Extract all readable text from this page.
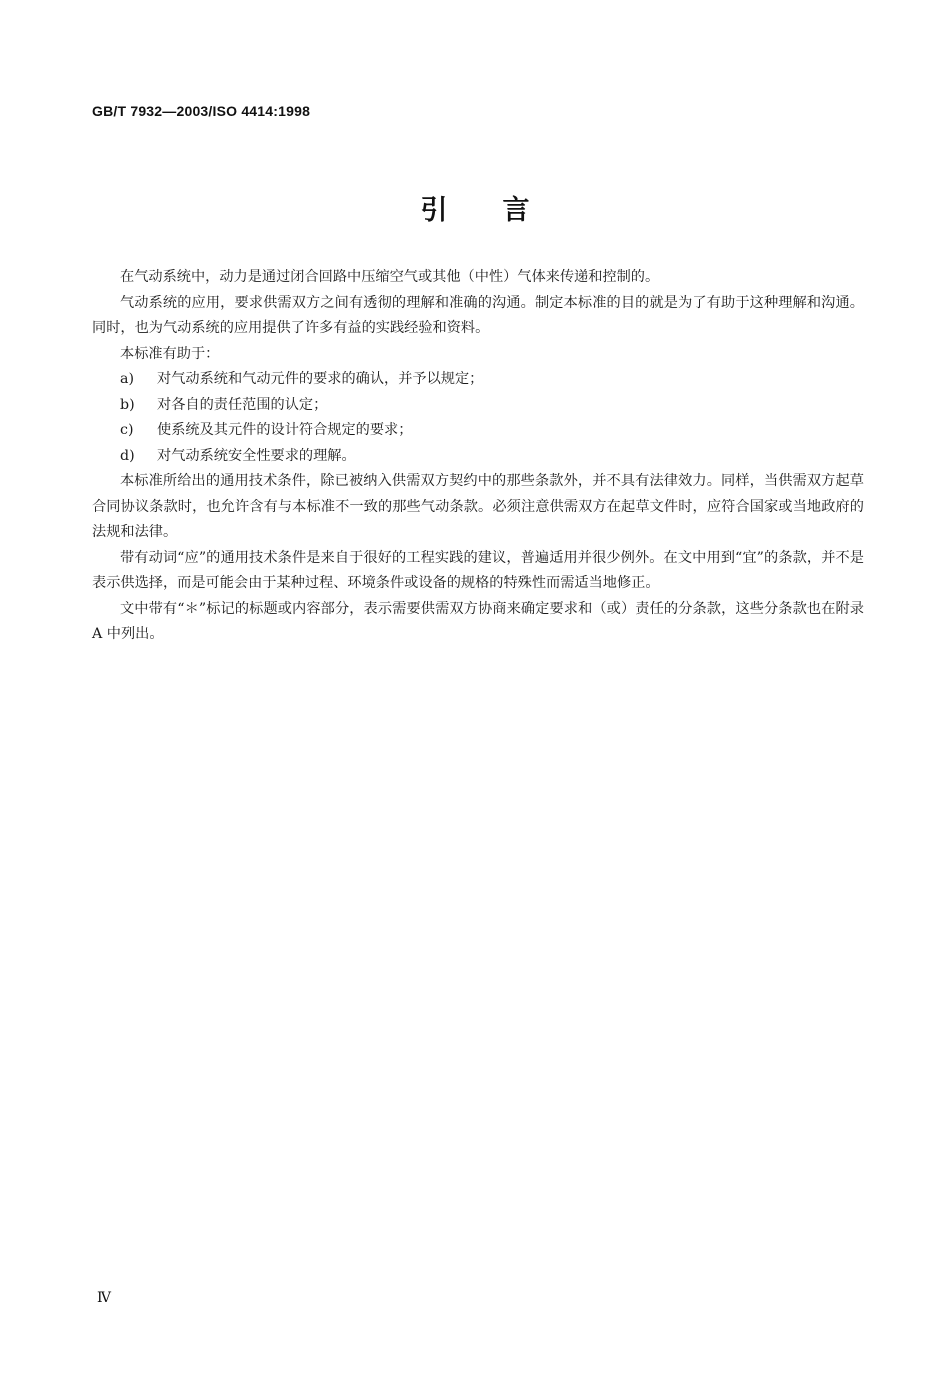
GB/T 7932—2003/ISO 4414:1998
引言

在气动系统中，动力是通过闭合回路中压缩空气或其他（中性）气体来传递和控制的。

气动系统的应用，要求供需双方之间有透彻的理解和准确的沟通。制定本标准的目的就是为了有助于这种理解和沟通。同时，也为气动系统的应用提供了许多有益的实践经验和资料。

本标准有助于：

a)	对气动系统和气动元件的要求的确认，并予以规定；
b)	对各自的责任范围的认定；
c)	使系统及其元件的设计符合规定的要求；
d)	对气动系统安全性要求的理解。

本标准所给出的通用技术条件，除已被纳入供需双方契约中的那些条款外，并不具有法律效力。同样，当供需双方起草合同协议条款时，也允许含有与本标准不一致的那些气动条款。必须注意供需双方在起草文件时，应符合国家或当地政府的法规和法律。

带有动词“应”的通用技术条件是来自于很好的工程实践的建议，普遍适用并很少例外。在文中用到“宜”的条款，并不是表示供选择，而是可能会由于某种过程、环境条件或设备的规格的特殊性而需适当地修正。

文中带有“＊”标记的标题或内容部分，表示需要供需双方协商来确定要求和（或）责任的分条款，这些分条款也在附录 A 中列出。

Ⅳ
